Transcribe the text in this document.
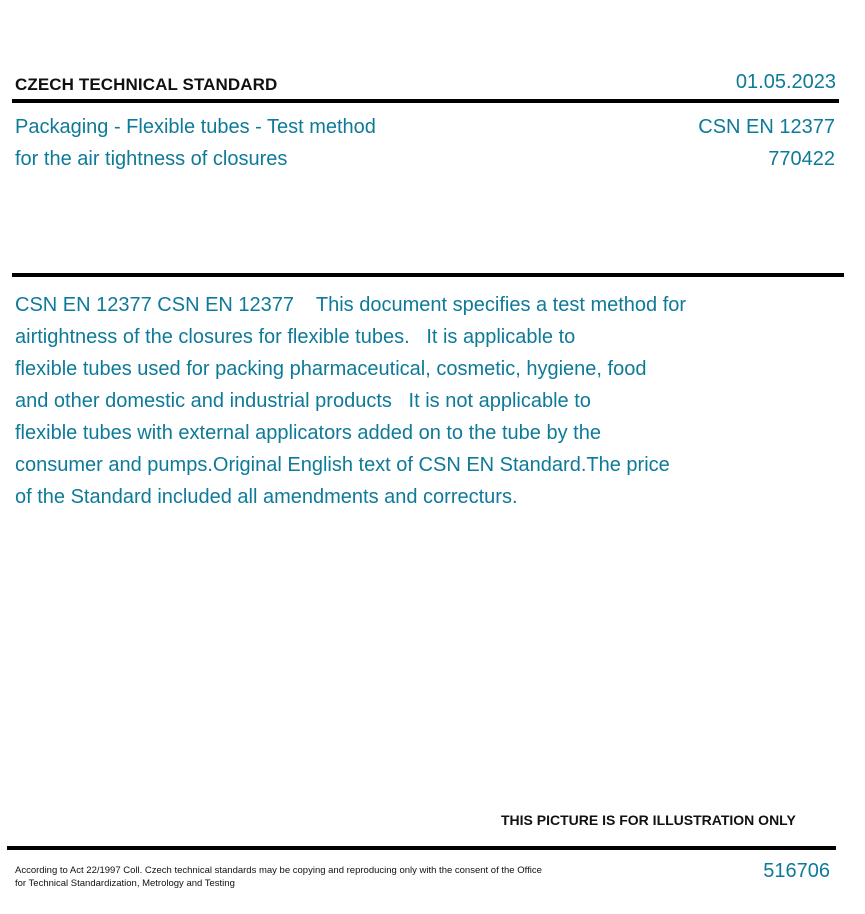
CZECH TECHNICAL STANDARD	01.05.2023
Packaging - Flexible tubes - Test method
for the air tightness of closures
CSN EN 12377
770422
CSN EN 12377 CSN EN 12377    This document specifies a test method for
airtightness of the closures for flexible tubes.   It is applicable to
flexible tubes used for packing pharmaceutical, cosmetic, hygiene, food
and other domestic and industrial products   It is not applicable to
flexible tubes with external applicators added on to the tube by the
consumer and pumps.Original English text of CSN EN Standard.The price
of the Standard included all amendments and correcturs.
THIS PICTURE IS FOR ILLUSTRATION ONLY
According to Act 22/1997 Coll. Czech technical standards may be copying and reproducing only with the consent of the Office
for Technical Standardization, Metrology and Testing
516706
